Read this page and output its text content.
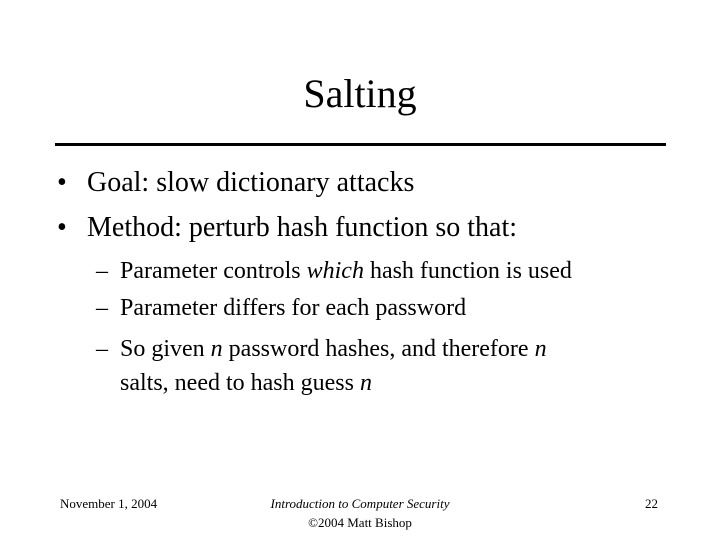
Salting
• Goal: slow dictionary attacks
• Method: perturb hash function so that:
– Parameter controls which hash function is used
– Parameter differs for each password
– So given n password hashes, and therefore n
salts, need to hash guess n
November 1, 2004	Introduction to Computer Security
©2004 Matt Bishop
22
